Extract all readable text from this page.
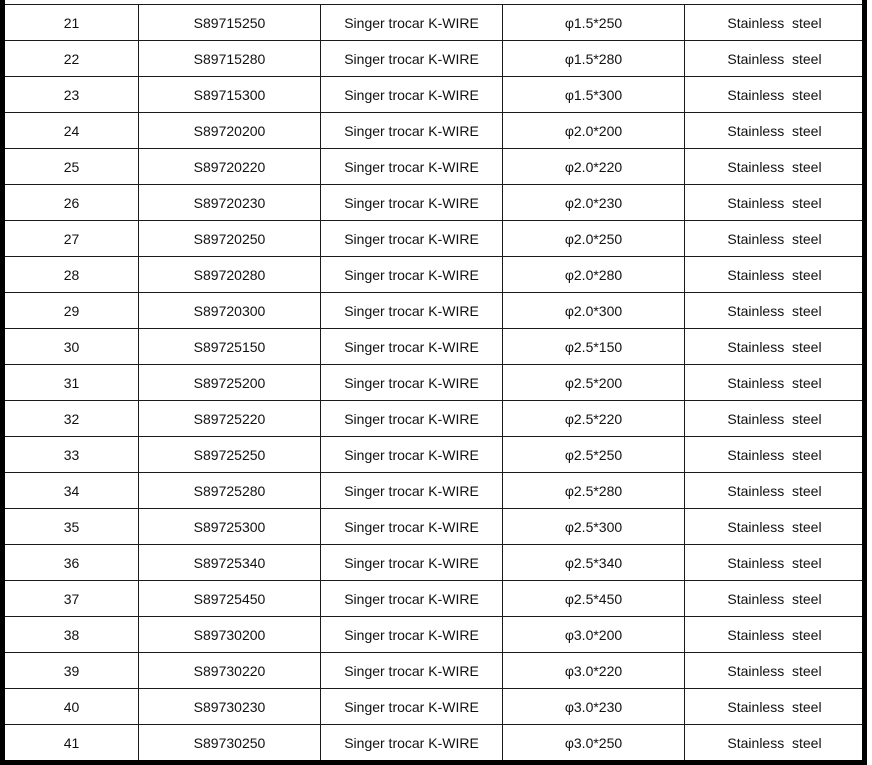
21	S89715250	Singer trocar K-WIRE	φ1.5*250	Stainless  steel
22	S89715280	Singer trocar K-WIRE	φ1.5*280	Stainless  steel
23	S89715300	Singer trocar K-WIRE	φ1.5*300	Stainless  steel
24	S89720200	Singer trocar K-WIRE	φ2.0*200	Stainless  steel
25	S89720220	Singer trocar K-WIRE	φ2.0*220	Stainless  steel
26	S89720230	Singer trocar K-WIRE	φ2.0*230	Stainless  steel
27	S89720250	Singer trocar K-WIRE	φ2.0*250	Stainless  steel
28	S89720280	Singer trocar K-WIRE	φ2.0*280	Stainless  steel
29	S89720300	Singer trocar K-WIRE	φ2.0*300	Stainless  steel
30	S89725150	Singer trocar K-WIRE	φ2.5*150	Stainless  steel
31	S89725200	Singer trocar K-WIRE	φ2.5*200	Stainless  steel
32	S89725220	Singer trocar K-WIRE	φ2.5*220	Stainless  steel
33	S89725250	Singer trocar K-WIRE	φ2.5*250	Stainless  steel
34	S89725280	Singer trocar K-WIRE	φ2.5*280	Stainless  steel
35	S89725300	Singer trocar K-WIRE	φ2.5*300	Stainless  steel
36	S89725340	Singer trocar K-WIRE	φ2.5*340	Stainless  steel
37	S89725450	Singer trocar K-WIRE	φ2.5*450	Stainless  steel
38	S89730200	Singer trocar K-WIRE	φ3.0*200	Stainless  steel
39	S89730220	Singer trocar K-WIRE	φ3.0*220	Stainless  steel
40	S89730230	Singer trocar K-WIRE	φ3.0*230	Stainless  steel
41	S89730250	Singer trocar K-WIRE	φ3.0*250	Stainless  steel
